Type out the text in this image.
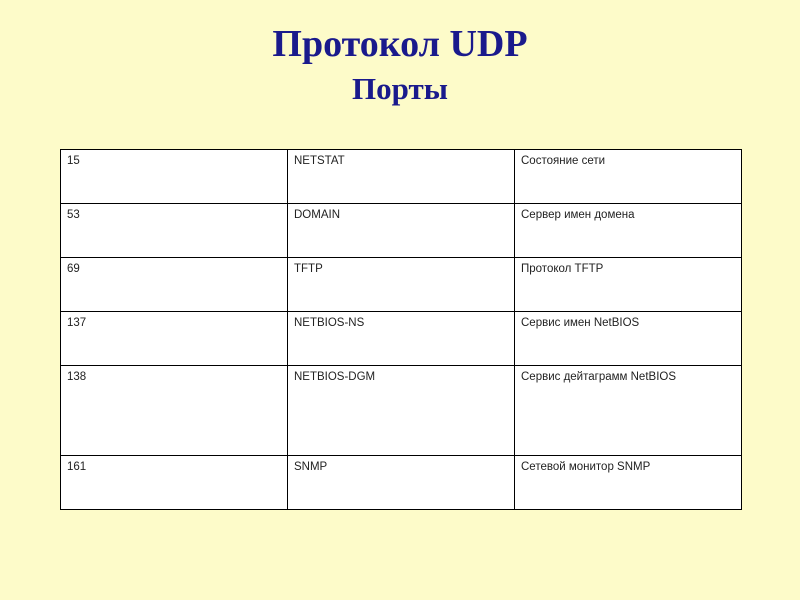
Протокол UDP
Порты
15	NETSTAT	Состояние сети
53	DOMAIN	Сервер имен домена
69	TFTP	Протокол TFTP
137	NETBIOS-NS	Сервис имен NetBIOS
138	NETBIOS-DGM	Сервис дейтаграмм NetBIOS
161	SNMP	Сетевой монитор SNMP
